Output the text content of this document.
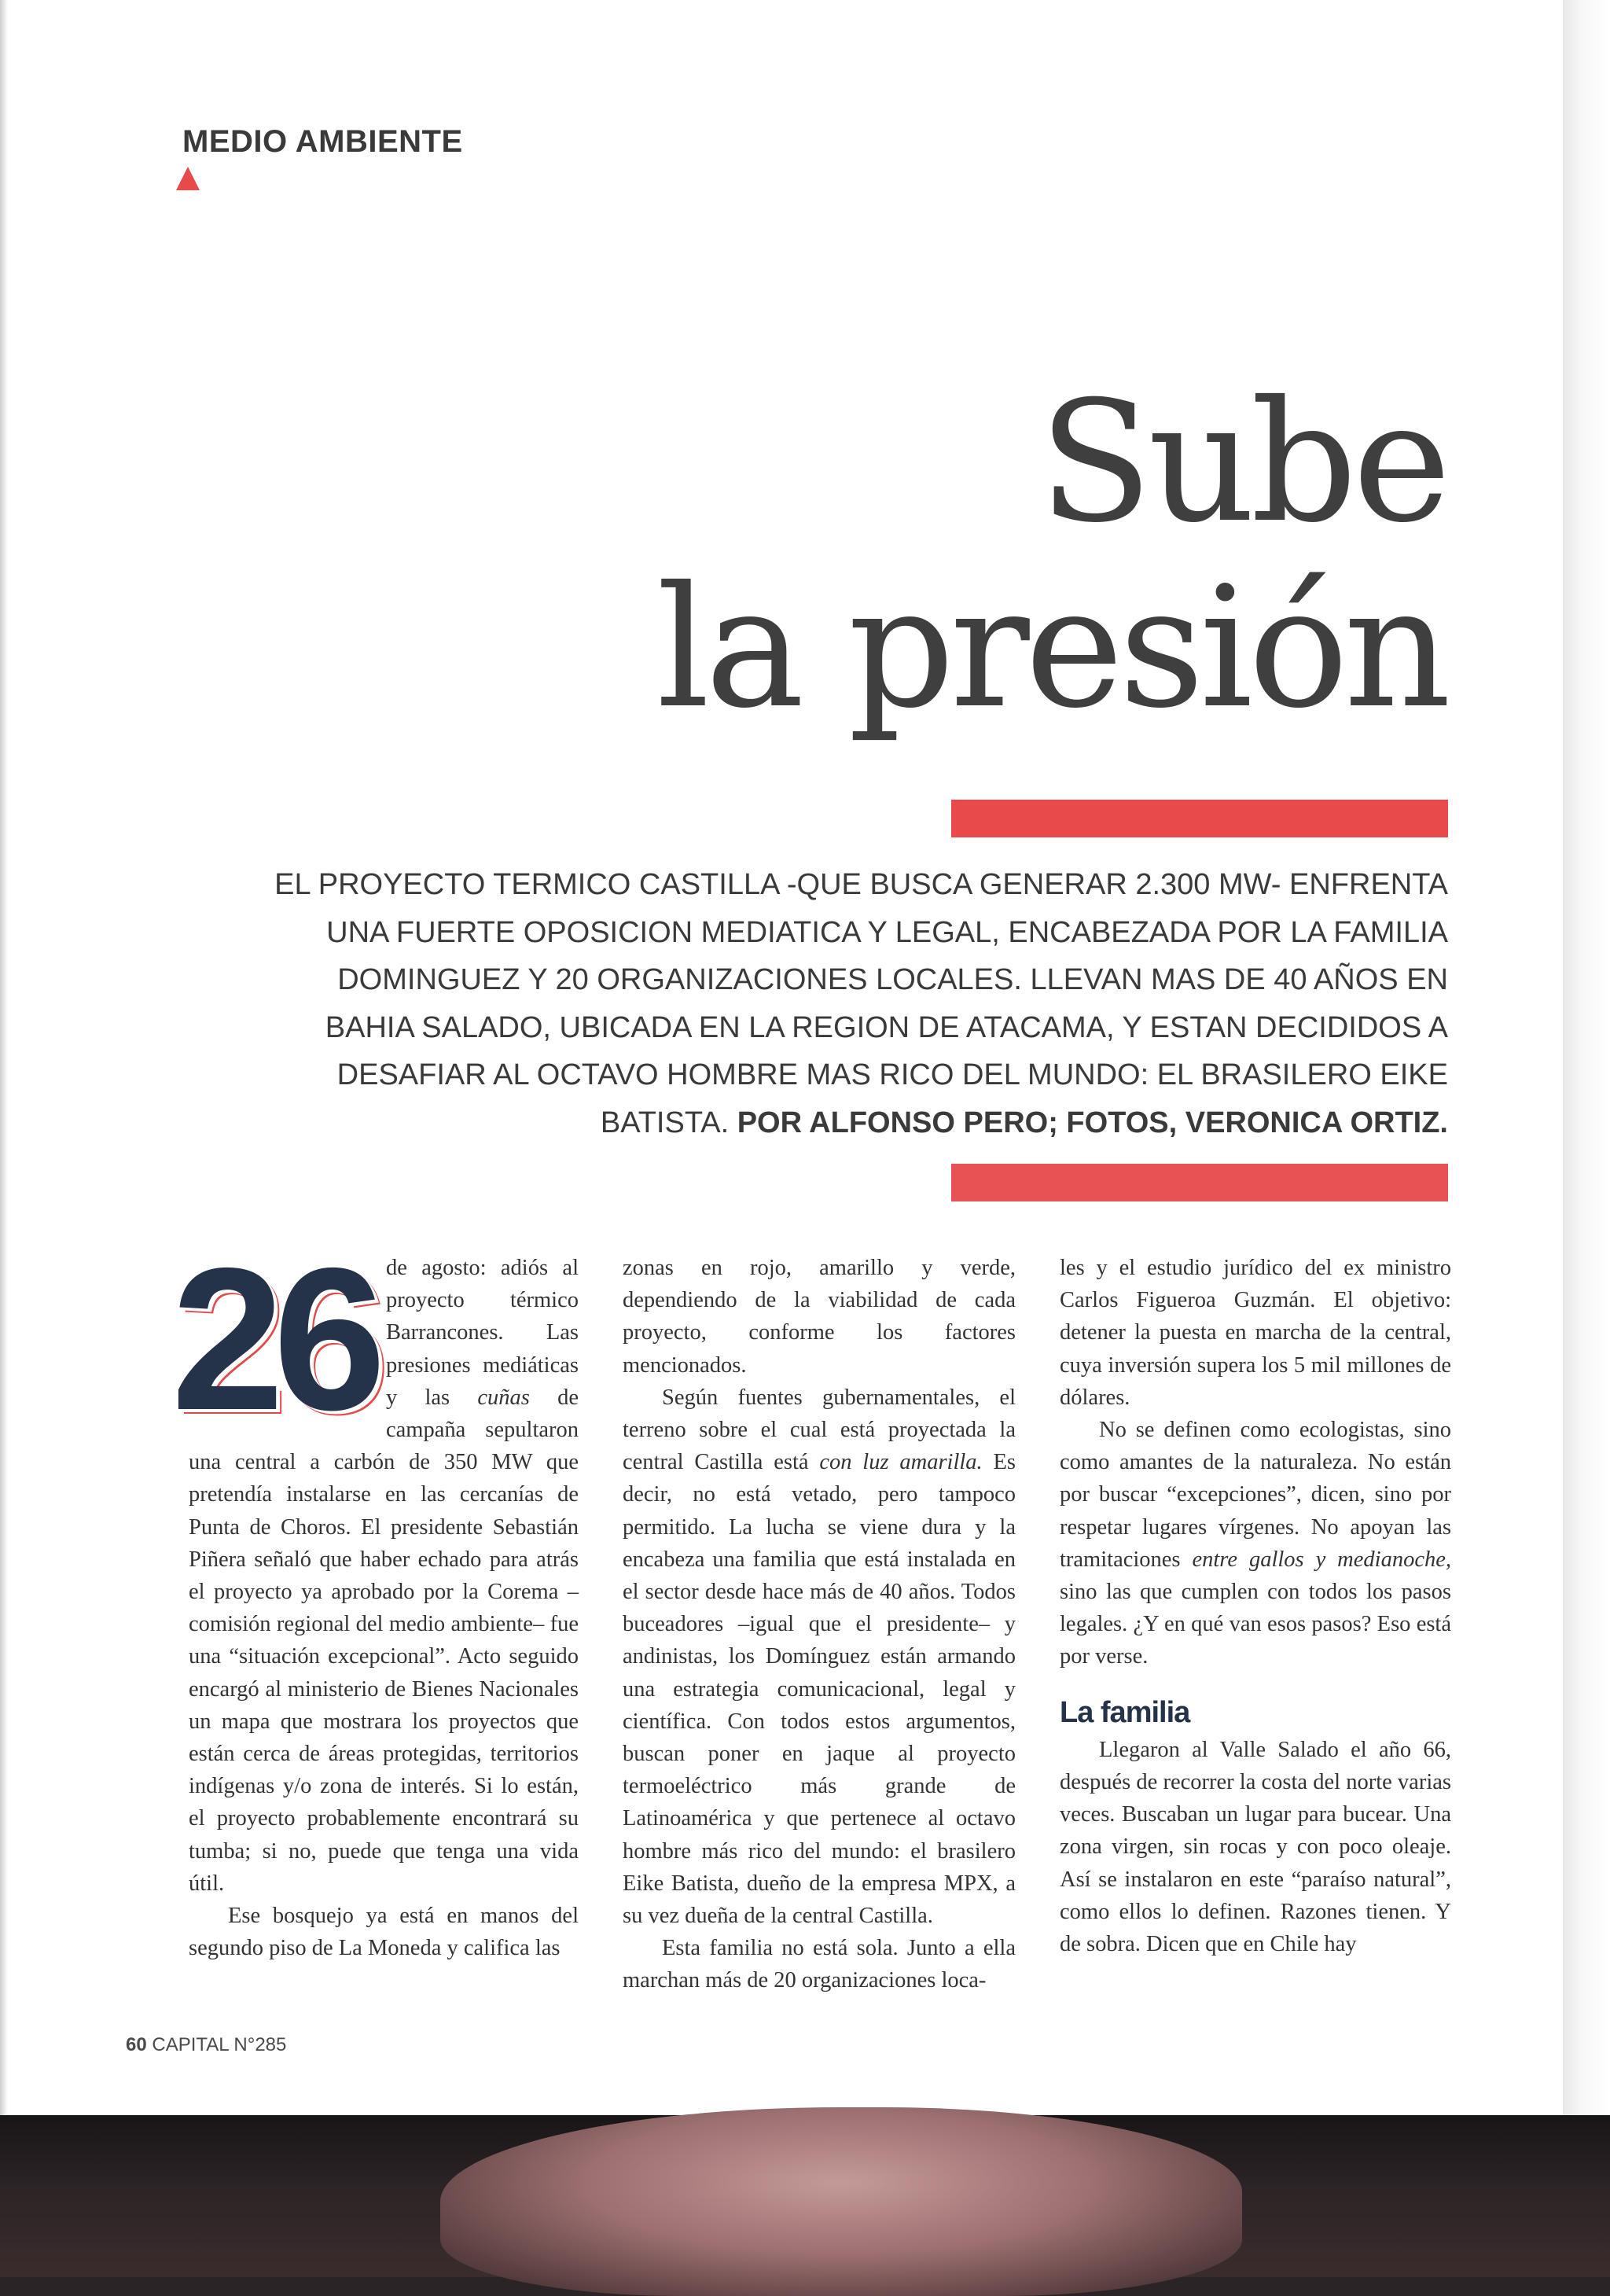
MEDIO AMBIENTE
Sube
la presión
EL PROYECTO TERMICO CASTILLA -QUE BUSCA GENERAR 2.300 MW- ENFRENTA UNA FUERTE OPOSICION MEDIATICA Y LEGAL, ENCABEZADA POR LA FAMILIA DOMINGUEZ Y 20 ORGANIZACIONES LOCALES. LLEVAN MAS DE 40 AÑOS EN BAHIA SALADO, UBICADA EN LA REGION DE ATACAMA, Y ESTAN DECIDIDOS A DESAFIAR AL OCTAVO HOMBRE MAS RICO DEL MUNDO: EL BRASILERO EIKE BATISTA. POR ALFONSO PERO; FOTOS, VERONICA ORTIZ.

26 de agosto: adiós al proyecto térmico Barrancones. Las presiones mediáticas y las cuñas de campaña sepultaron una central a carbón de 350 MW que pretendía instalarse en las cercanías de Punta de Choros. El presidente Sebastián Piñera señaló que haber echado para atrás el proyecto ya aprobado por la Corema –comisión regional del medio ambiente– fue una “situación excepcional”. Acto seguido encargó al ministerio de Bienes Nacionales un mapa que mostrara los proyectos que están cerca de áreas protegidas, territorios indígenas y/o zona de interés. Si lo están, el proyecto probablemente encontrará su tumba; si no, puede que tenga una vida útil.

Ese bosquejo ya está en manos del segundo piso de La Moneda y califica las

zonas en rojo, amarillo y verde, dependiendo de la viabilidad de cada proyecto, conforme los factores mencionados.

Según fuentes gubernamentales, el terreno sobre el cual está proyectada la central Castilla está con luz amarilla. Es decir, no está vetado, pero tampoco permitido. La lucha se viene dura y la encabeza una familia que está instalada en el sector desde hace más de 40 años. Todos buceadores –igual que el presidente– y andinistas, los Domínguez están armando una estrategia comunicacional, legal y científica. Con todos estos argumentos, buscan poner en jaque al proyecto termoeléctrico más grande de Latinoamérica y que pertenece al octavo hombre más rico del mundo: el brasilero Eike Batista, dueño de la empresa MPX, a su vez dueña de la central Castilla.

Esta familia no está sola. Junto a ella marchan más de 20 organizaciones loca-

les y el estudio jurídico del ex ministro Carlos Figueroa Guzmán. El objetivo: detener la puesta en marcha de la central, cuya inversión supera los 5 mil millones de dólares.

No se definen como ecologistas, sino como amantes de la naturaleza. No están por buscar “excepciones”, dicen, sino por respetar lugares vírgenes. No apoyan las tramitaciones entre gallos y medianoche, sino las que cumplen con todos los pasos legales. ¿Y en qué van esos pasos? Eso está por verse.

La familia

Llegaron al Valle Salado el año 66, después de recorrer la costa del norte varias veces. Buscaban un lugar para bucear. Una zona virgen, sin rocas y con poco oleaje. Así se instalaron en este “paraíso natural”, como ellos lo definen. Razones tienen. Y de sobra. Dicen que en Chile hay

60 CAPITAL N°285
